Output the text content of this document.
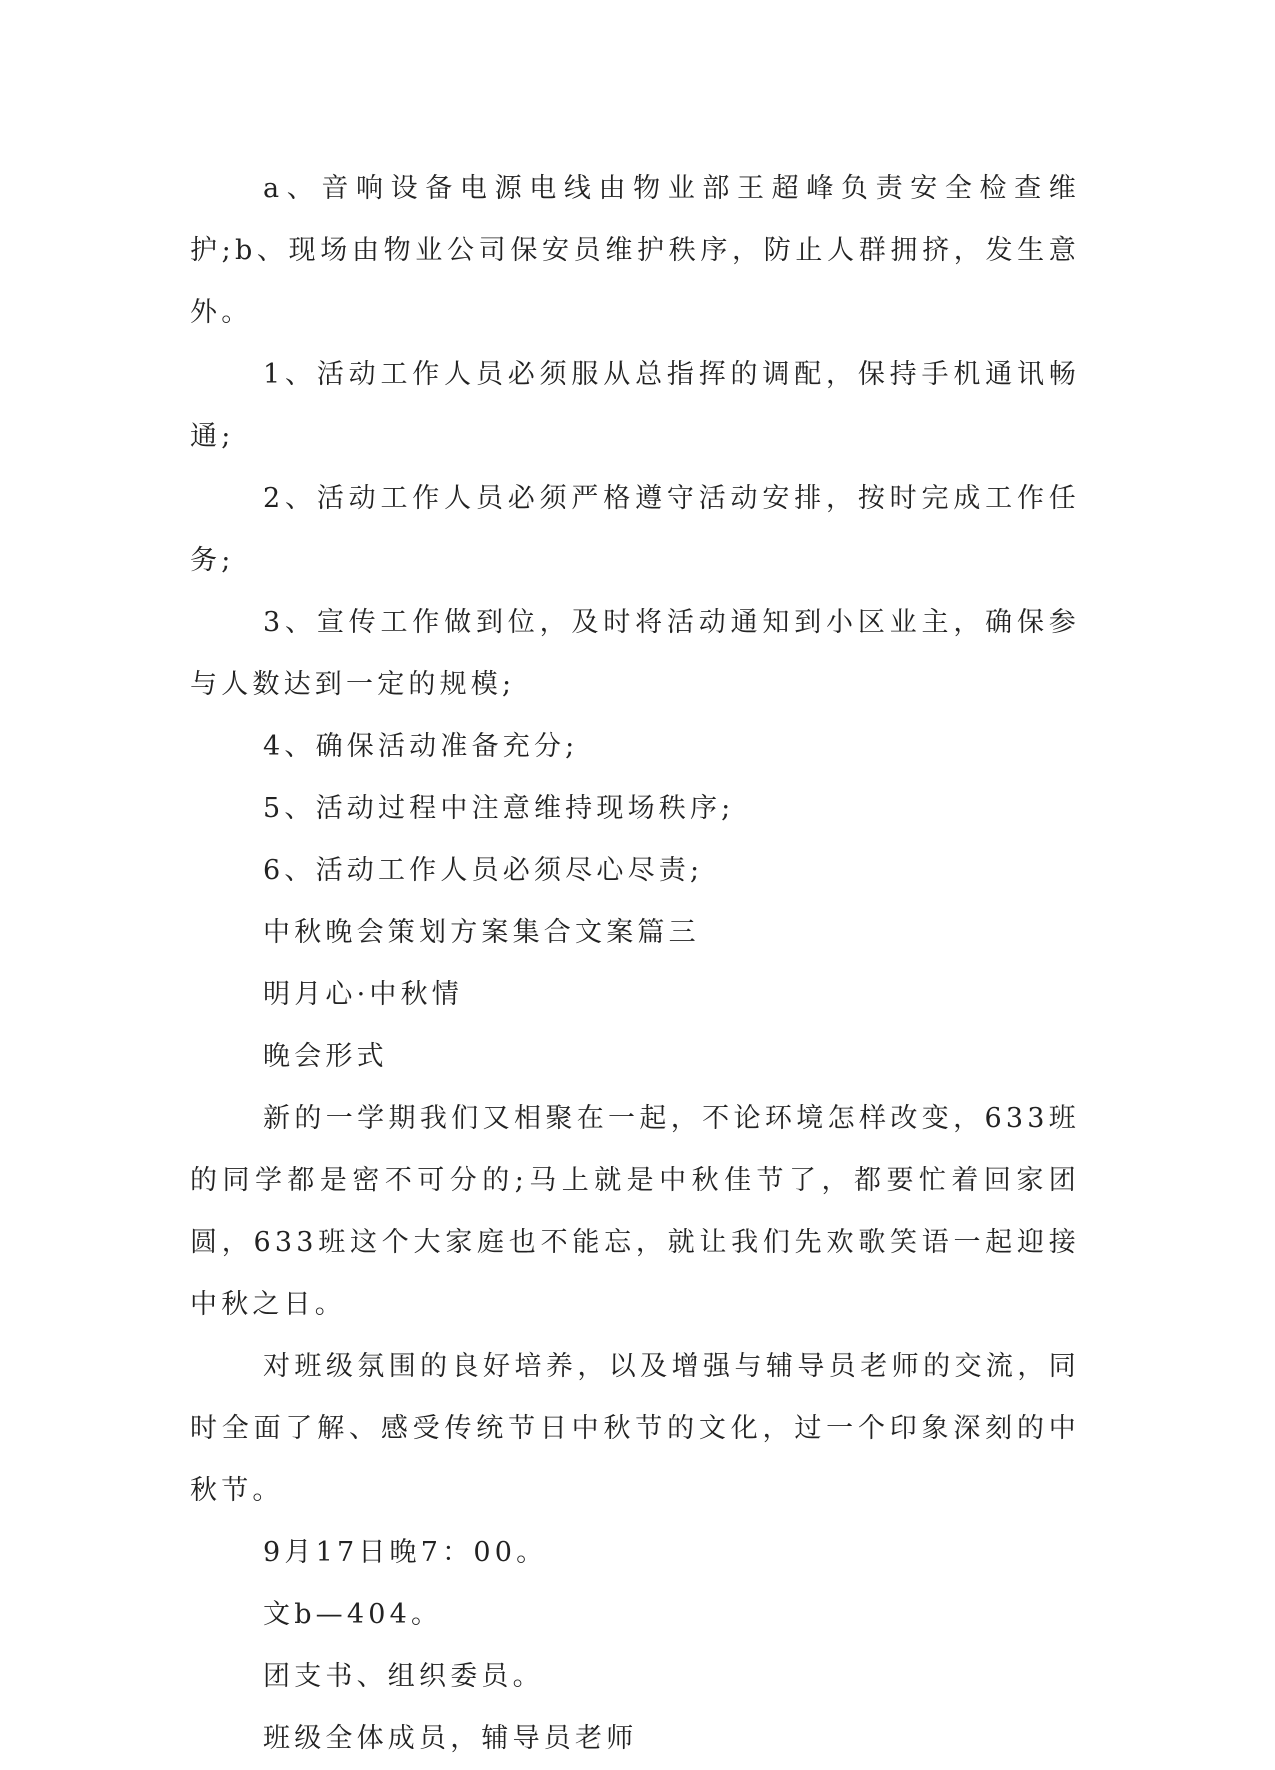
a、音响设备电源电线由物业部王超峰负责安全检查维护;b、现场由物业公司保安员维护秩序，防止人群拥挤，发生意外。

1、活动工作人员必须服从总指挥的调配，保持手机通讯畅通;

2、活动工作人员必须严格遵守活动安排，按时完成工作任务;

3、宣传工作做到位，及时将活动通知到小区业主，确保参与人数达到一定的规模;

4、确保活动准备充分;

5、活动过程中注意维持现场秩序;

6、活动工作人员必须尽心尽责;

中秋晚会策划方案集合文案篇三

明月心·中秋情

晚会形式

新的一学期我们又相聚在一起，不论环境怎样改变，633班的同学都是密不可分的;马上就是中秋佳节了，都要忙着回家团圆，633班这个大家庭也不能忘，就让我们先欢歌笑语一起迎接中秋之日。

对班级氛围的良好培养，以及增强与辅导员老师的交流，同时全面了解、感受传统节日中秋节的文化，过一个印象深刻的中秋节。

9月17日晚7：00。

文b—404。

团支书、组织委员。

班级全体成员，辅导员老师
